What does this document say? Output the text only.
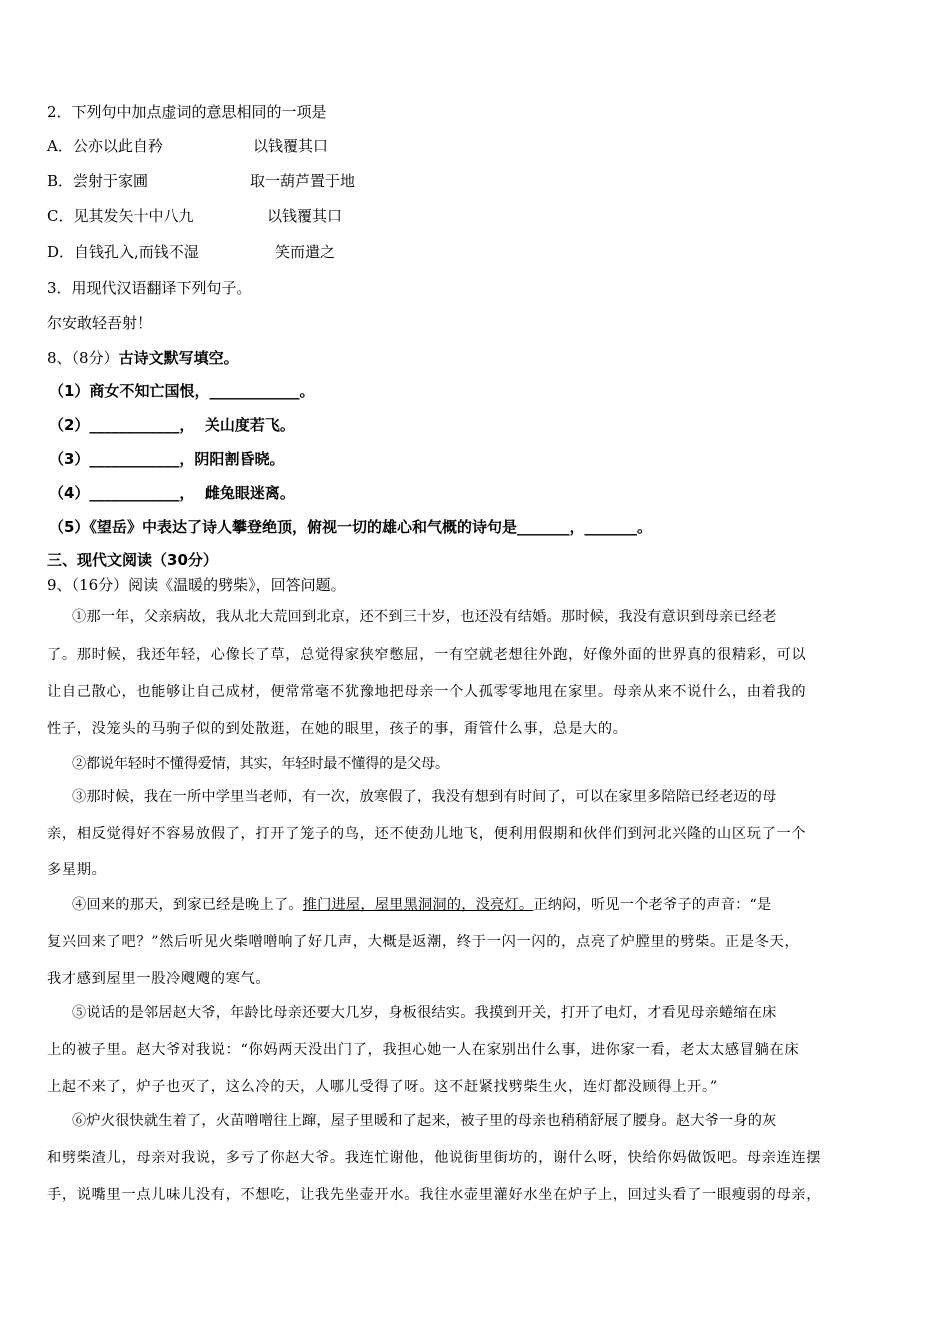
2．下列句中加点虚词的意思相同的一项是
A．公亦以此自矜	以钱覆其口
B．尝射于家圃	取一葫芦置于地
C．见其发矢十中八九	以钱覆其口
D．自钱孔入,而钱不湿	笑而遣之
3．用现代汉语翻译下列句子。
尔安敢轻吾射！
8、（8分）古诗文默写填空。
（1）商女不知亡国恨，____________。
（2）____________，  关山度若飞。
（3）____________，阴阳割昏晓。
（4）____________，  雌兔眼迷离。
（5）《望岳》中表达了诗人攀登绝顶，俯视一切的雄心和气概的诗句是_______，_______。
三、现代文阅读（30分）
9、（16分）阅读《温暖的劈柴》，回答问题。
①那一年，父亲病故，我从北大荒回到北京，还不到三十岁，也还没有结婚。那时候，我没有意识到母亲已经老
了。那时候，我还年轻，心像长了草，总觉得家狭窄憋屈，一有空就老想往外跑，好像外面的世界真的很精彩，可以
让自己散心，也能够让自己成材，便常常毫不犹豫地把母亲一个人孤零零地甩在家里。母亲从来不说什么，由着我的
性子，没笼头的马驹子似的到处散逛，在她的眼里，孩子的事，甭管什么事，总是大的。
②都说年轻时不懂得爱情，其实，年轻时最不懂得的是父母。
③那时候，我在一所中学里当老师，有一次，放寒假了，我没有想到有时间了，可以在家里多陪陪已经老迈的母
亲，相反觉得好不容易放假了，打开了笼子的鸟，还不使劲儿地飞，便利用假期和伙伴们到河北兴隆的山区玩了一个
多星期。
④回来的那天，到家已经是晚上了。推门进屋，屋里黑洞洞的，没亮灯。正纳闷，听见一个老爷子的声音：“是
复兴回来了吧？”然后听见火柴噌噌响了好几声，大概是返潮，终于一闪一闪的，点亮了炉膛里的劈柴。正是冬天，
我才感到屋里一股冷飕飕的寒气。
⑤说话的是邻居赵大爷，年龄比母亲还要大几岁，身板很结实。我摸到开关，打开了电灯，才看见母亲蜷缩在床
上的被子里。赵大爷对我说：“你妈两天没出门了，我担心她一人在家别出什么事，进你家一看，老太太感冒躺在床
上起不来了，炉子也灭了，这么冷的天，人哪儿受得了呀。这不赶紧找劈柴生火，连灯都没顾得上开。”
⑥炉火很快就生着了，火苗噌噌往上蹿，屋子里暖和了起来，被子里的母亲也稍稍舒展了腰身。赵大爷一身的灰
和劈柴渣儿，母亲对我说，多亏了你赵大爷。我连忙谢他，他说街里街坊的，谢什么呀，快给你妈做饭吧。母亲连连摆
手，说嘴里一点儿味儿没有，不想吃，让我先坐壶开水。我往水壶里灌好水坐在炉子上，回过头看了一眼瘦弱的母亲，
